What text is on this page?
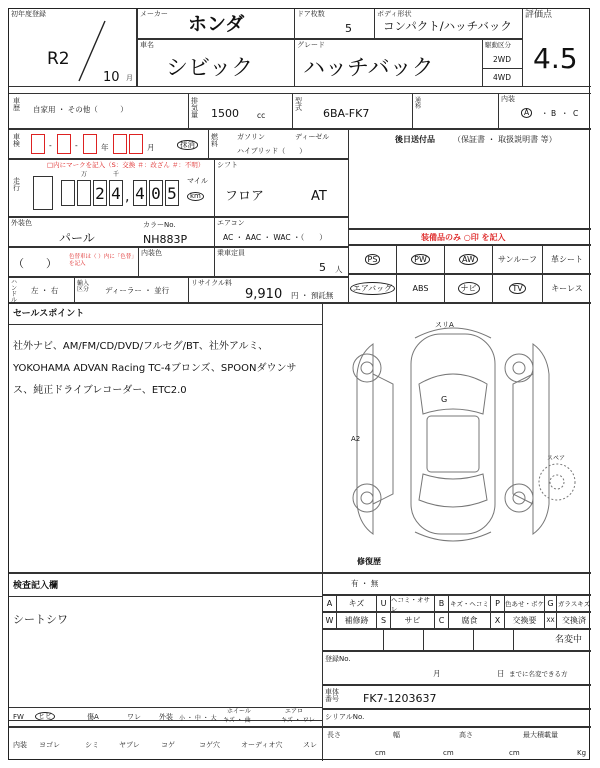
初年度登録
R2
10 月
メーカー ホンダ	ドア枚数
5
ボディ形状
コンパクト/ハッチバック
評価点
4.5
車名
シビック
グレード
ハッチバック
駆動区分
2WD
4WD
車歴 自家用 ・ その他（　　　）
排気量 1500 cc
型式 6BA-FK7
通称
内装
A	・ B ・ C
車検	-	-	年	月	抹消
燃料
ガソリン	ディーゼル
ハイブリッド（　　）
後日送付品 （保証書 ・ 取扱説明書 等）
□内にマークを記入（S：交換 ＃：改ざん ＃：不明）
走行
万	千
2 4 , 4 0 5
マイル
km
シフト
フロア	AT
外装色
パール
カラーNo.
NH883P
エアコン
AC ・ AAC ・ WAC ・（　　）	装備品のみ ○印 を記入
（　　） 色替車は（ ）内に「色替」を記入
内装色	乗車定員
5 人
ハンドル
左 ・ 右
輸入区分	ディーラー ・ 並行
リサイクル料
9,910 円 ・ 預託無
PS	PW	AW	サンルーフ 革シート
エアバッグ	ABS	ナビ	TV	キーレス
セールスポイント
社外ナビ、AM/FM/CD/DVD/フルセグ/BT、社外アルミ、YOKOHAMA ADVAN Racing TC-4ブロンズ、SPOONダウンサス、純正ドライブレコーダー、ETC2.0
スリA
A2
G
スペア
修復歴
検査記入欄
シートシワ
有 ・ 無
A	キズ	U ヘコミ・オサレ
B キズ・ヘコミ P 色あせ・ボケ G ガラスキズ
W	補修跡	S	サビ	C	腐食	X	交換要	XX 交換済
名変中
登録No.
月	日 までに名変できる方
車体番号	FK7-1203637
FW	ヒビ	傷A	ワレ	外装 小 ・ 中 ・ 大
ホイール
キズ ・ 曲
エアロ
キズ ・ ワレ シリアルNo.
内装 ヨゴレ	シミ	ヤブレ	コゲ	コゲ穴	オーディオ穴	スレ
長さ
cm
幅
cm
高さ
cm
最大積載量
Kg
